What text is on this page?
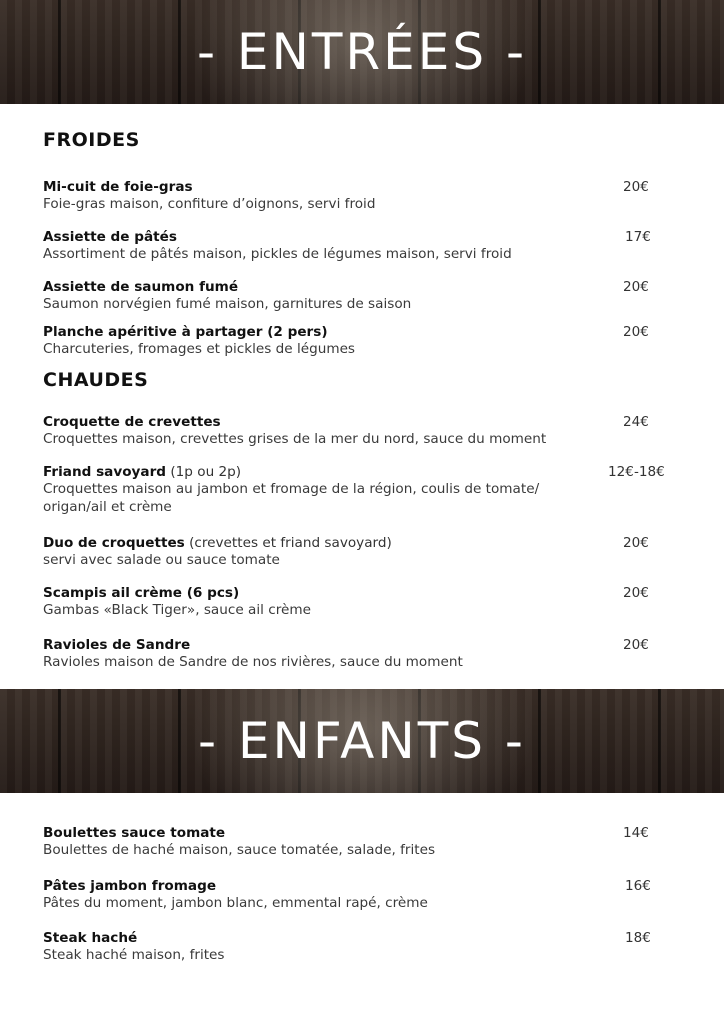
- ENTRÉES -
FROIDES
Mi-cuit de foie-gras
Foie-gras maison, confiture d’oignons, servi froid
20€
Assiette de pâtés
Assortiment de pâtés maison, pickles de légumes maison, servi froid
17€
Assiette de saumon fumé
Saumon norvégien fumé maison, garnitures de saison
20€
Planche apéritive à partager (2 pers)
Charcuteries, fromages et pickles de légumes
20€
CHAUDES
Croquette de crevettes
Croquettes maison, crevettes grises de la mer du nord, sauce du moment
24€
Friand savoyard (1p ou 2p)
Croquettes maison au jambon et fromage de la région, coulis de tomate/ origan/ail et crème
12€-18€
Duo de croquettes (crevettes et friand savoyard)
servi avec salade ou sauce tomate
20€
Scampis ail crème (6 pcs)
Gambas «Black Tiger», sauce ail crème
20€
Ravioles de Sandre
Ravioles maison de Sandre de nos rivières, sauce du moment
20€
- ENFANTS -
Boulettes sauce tomate
Boulettes de haché maison, sauce tomatée, salade, frites
14€
Pâtes jambon fromage
Pâtes du moment, jambon blanc, emmental rapé, crème
16€
Steak haché
Steak haché maison, frites
18€
